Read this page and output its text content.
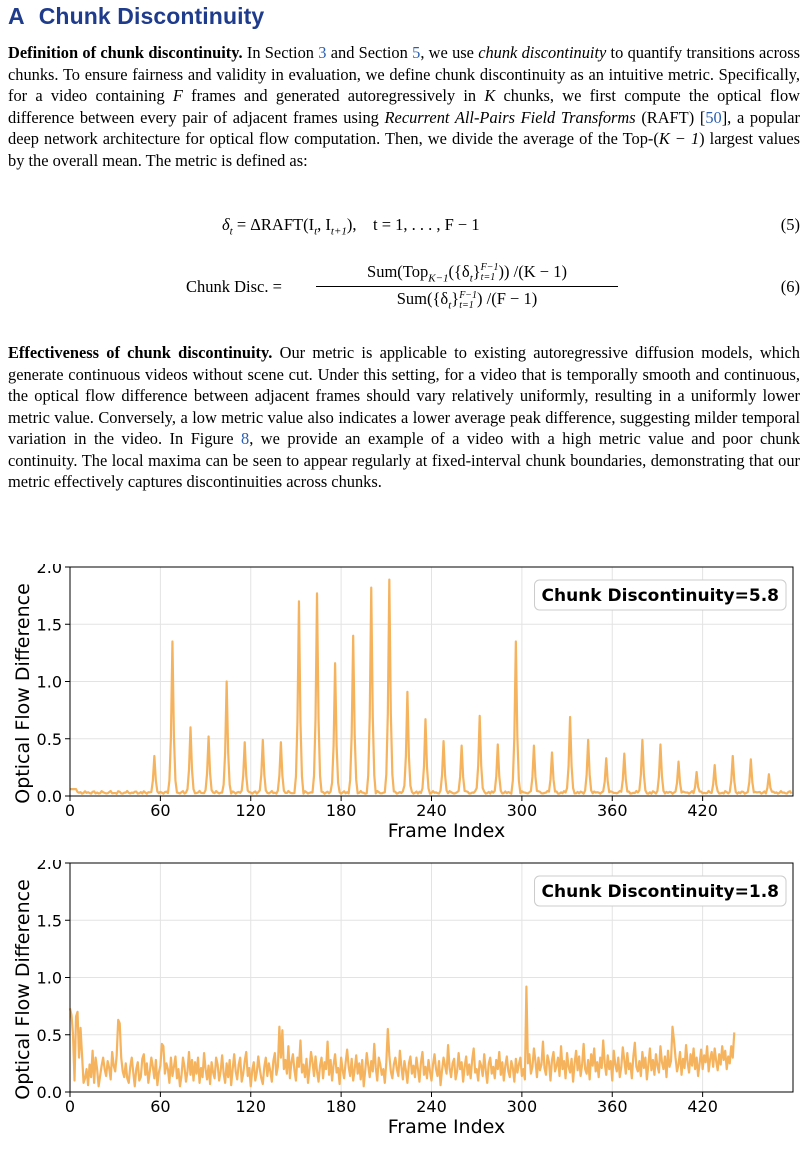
A Chunk Discontinuity

Definition of chunk discontinuity. In Section 3 and Section 5, we use chunk discontinuity to quantify transitions across chunks. To ensure fairness and validity in evaluation, we define chunk discontinuity as an intuitive metric. Specifically, for a video containing F frames and generated autoregressively in K chunks, we first compute the optical flow difference between every pair of adjacent frames using Recurrent All-Pairs Field Transforms (RAFT) [50], a popular deep network architecture for optical flow computation. Then, we divide the average of the Top-(K − 1) largest values by the overall mean. The metric is defined as:

$\delta_t$ = $\Delta RAFT(I_t$, $I_{t+1}$),    t = 1, . . . , F − 1	(5)
Chunk Disc. =
$Sum(Top_{K-1}(\{\delta_t\}$ F−1
t=1 )) /(K − 1)
$Sum(\{\delta_t\}$ F−1
t=1 ) /(F − 1)
(6)

Effectiveness of chunk discontinuity. Our metric is applicable to existing autoregressive diffusion models, which generate continuous videos without scene cut. Under this setting, for a video that is temporally smooth and continuous, the optical flow difference between adjacent frames should vary relatively uniformly, resulting in a uniformly lower metric value. Conversely, a low metric value also indicates a lower average peak difference, suggesting milder temporal variation in the video. In Figure 8, we provide an example of a video with a high metric value and poor chunk continuity. The local maxima can be seen to appear regularly at fixed-interval chunk boundaries, demonstrating that our metric effectively captures discontinuities across chunks.

0	60	120	180	240	300	360	420
0.0
0.5
1.0
1.5
2.0
Frame Index
Optical Flow Difference	Chunk Discontinuity=5.8
0	60	120	180	240	300	360	420
0.0
0.5
1.0
1.5
2.0
Frame Index
Optical Flow Difference	Chunk Discontinuity=1.8
